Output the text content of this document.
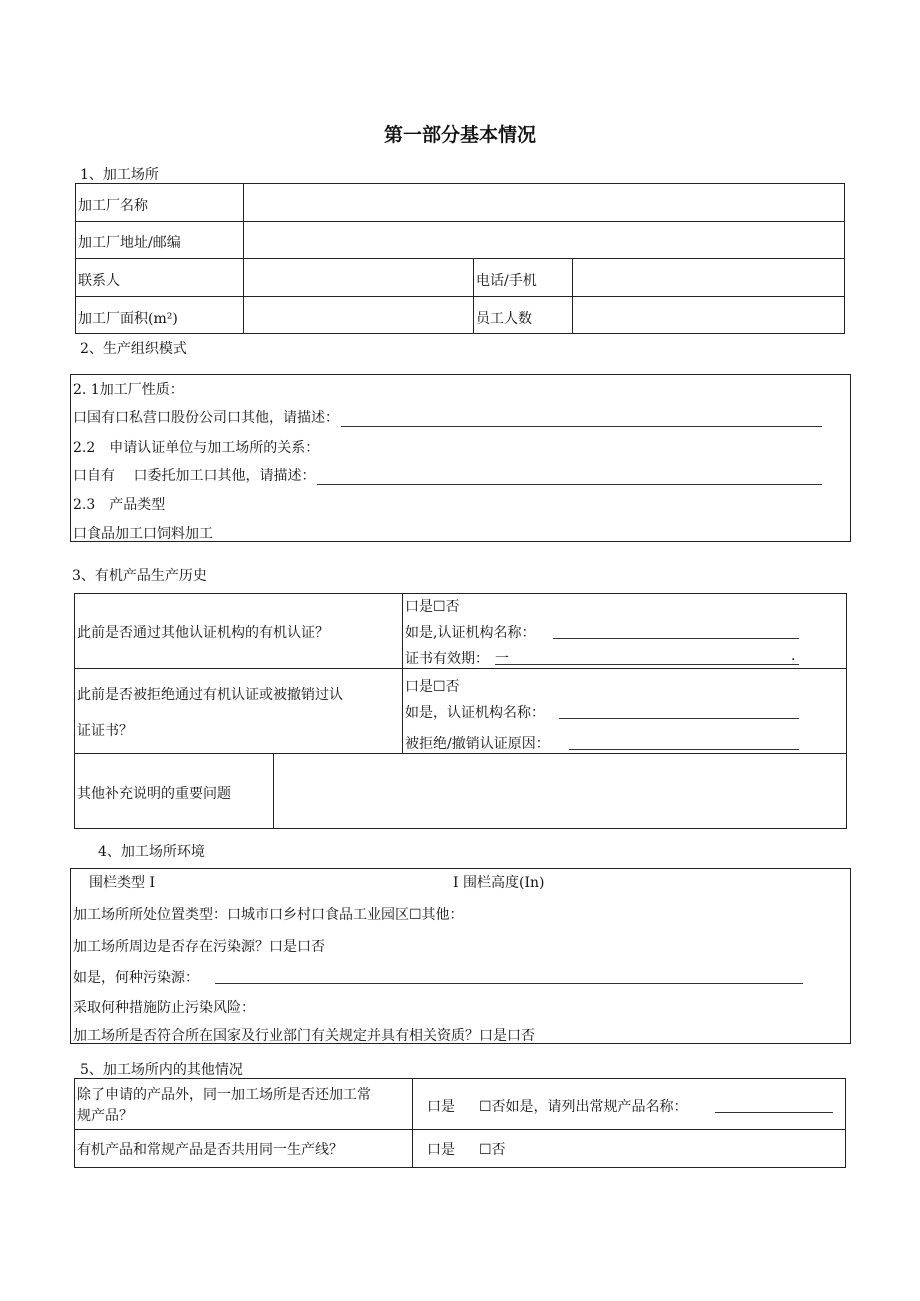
第一部分基本情况
1、加工场所
加工厂名称
加工厂地址/邮编
联系人	电话/手机
加工厂面积(m²)	员工人数
2、生产组织模式
2. 1加工厂性质：
口国有口私营口股份公司口其他，请描述：
2.2　申请认证单位与加工场所的关系：
口自有　 口委托加工口其他，请描述：
2.3　产品类型
口食品加工口饲料加工
3、有机产品生产历史
此前是否通过其他认证机构的有机认证？
口是☐否
如是,认证机构名称：
证书有效期： 一	.
此前是否被拒绝通过有机认证或被撤销过认
证证书？
口是☐否
如是，认证机构名称：
被拒绝/撤销认证原因：
其他补充说明的重要问题
4、加工场所环境
围栏类型 I	I 围栏高度(In)
加工场所所处位置类型：口城市口乡村口食品工业园区☐其他：
加工场所周边是否存在污染源？口是口否
如是，何种污染源：
采取何种措施防止污染风险：
加工场所是否符合所在国家及行业部门有关规定并具有相关资质？口是口否
5、加工场所内的其他情况
除了申请的产品外，同一加工场所是否还加工常
规产品？
口是 ☐否如是，请列出常规产品名称：
有机产品和常规产品是否共用同一生产线？	口是 ☐否
